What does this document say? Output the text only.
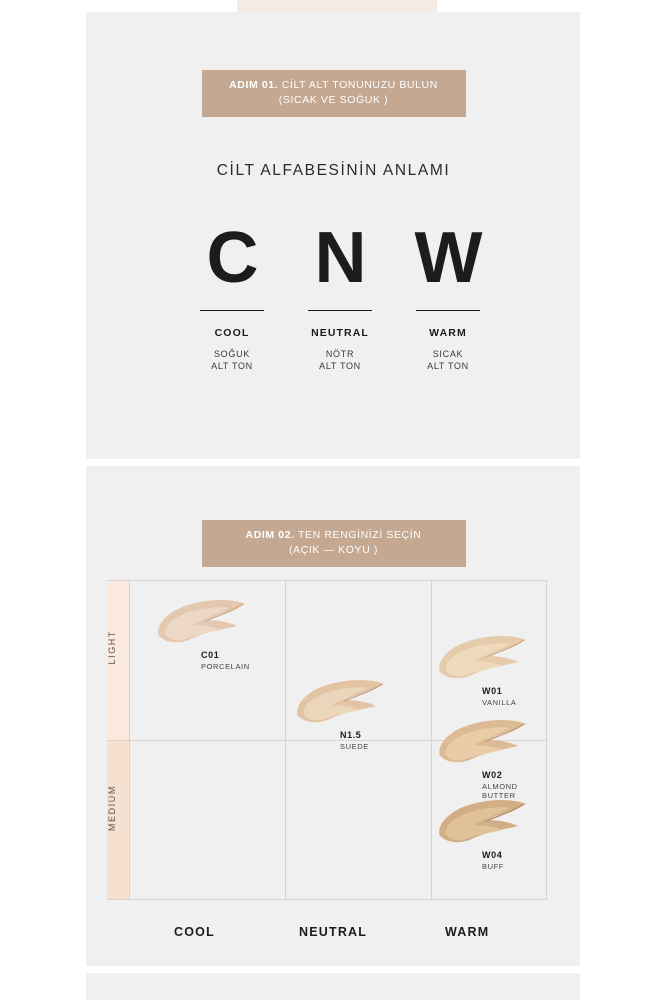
ADIM 01. CİLT ALT TONUNUZU BULUN
(SICAK VE SOĞUK )
CİLT ALFABESİNİN ANLAMI
C
COOL
SOĞUK
ALT TON
N
NEUTRAL
NÖTR
ALT TON
W
WARM
SICAK
ALT TON
ADIM 02. TEN RENGİNİZİ SEÇİN
(AÇIK — KOYU )
LIGHT
MEDIUM
C01
PORCELAIN
N1.5
SUEDE
W01
VANILLA
W02
ALMOND BUTTER
W04
BUFF
COOL	NEUTRAL	WARM
